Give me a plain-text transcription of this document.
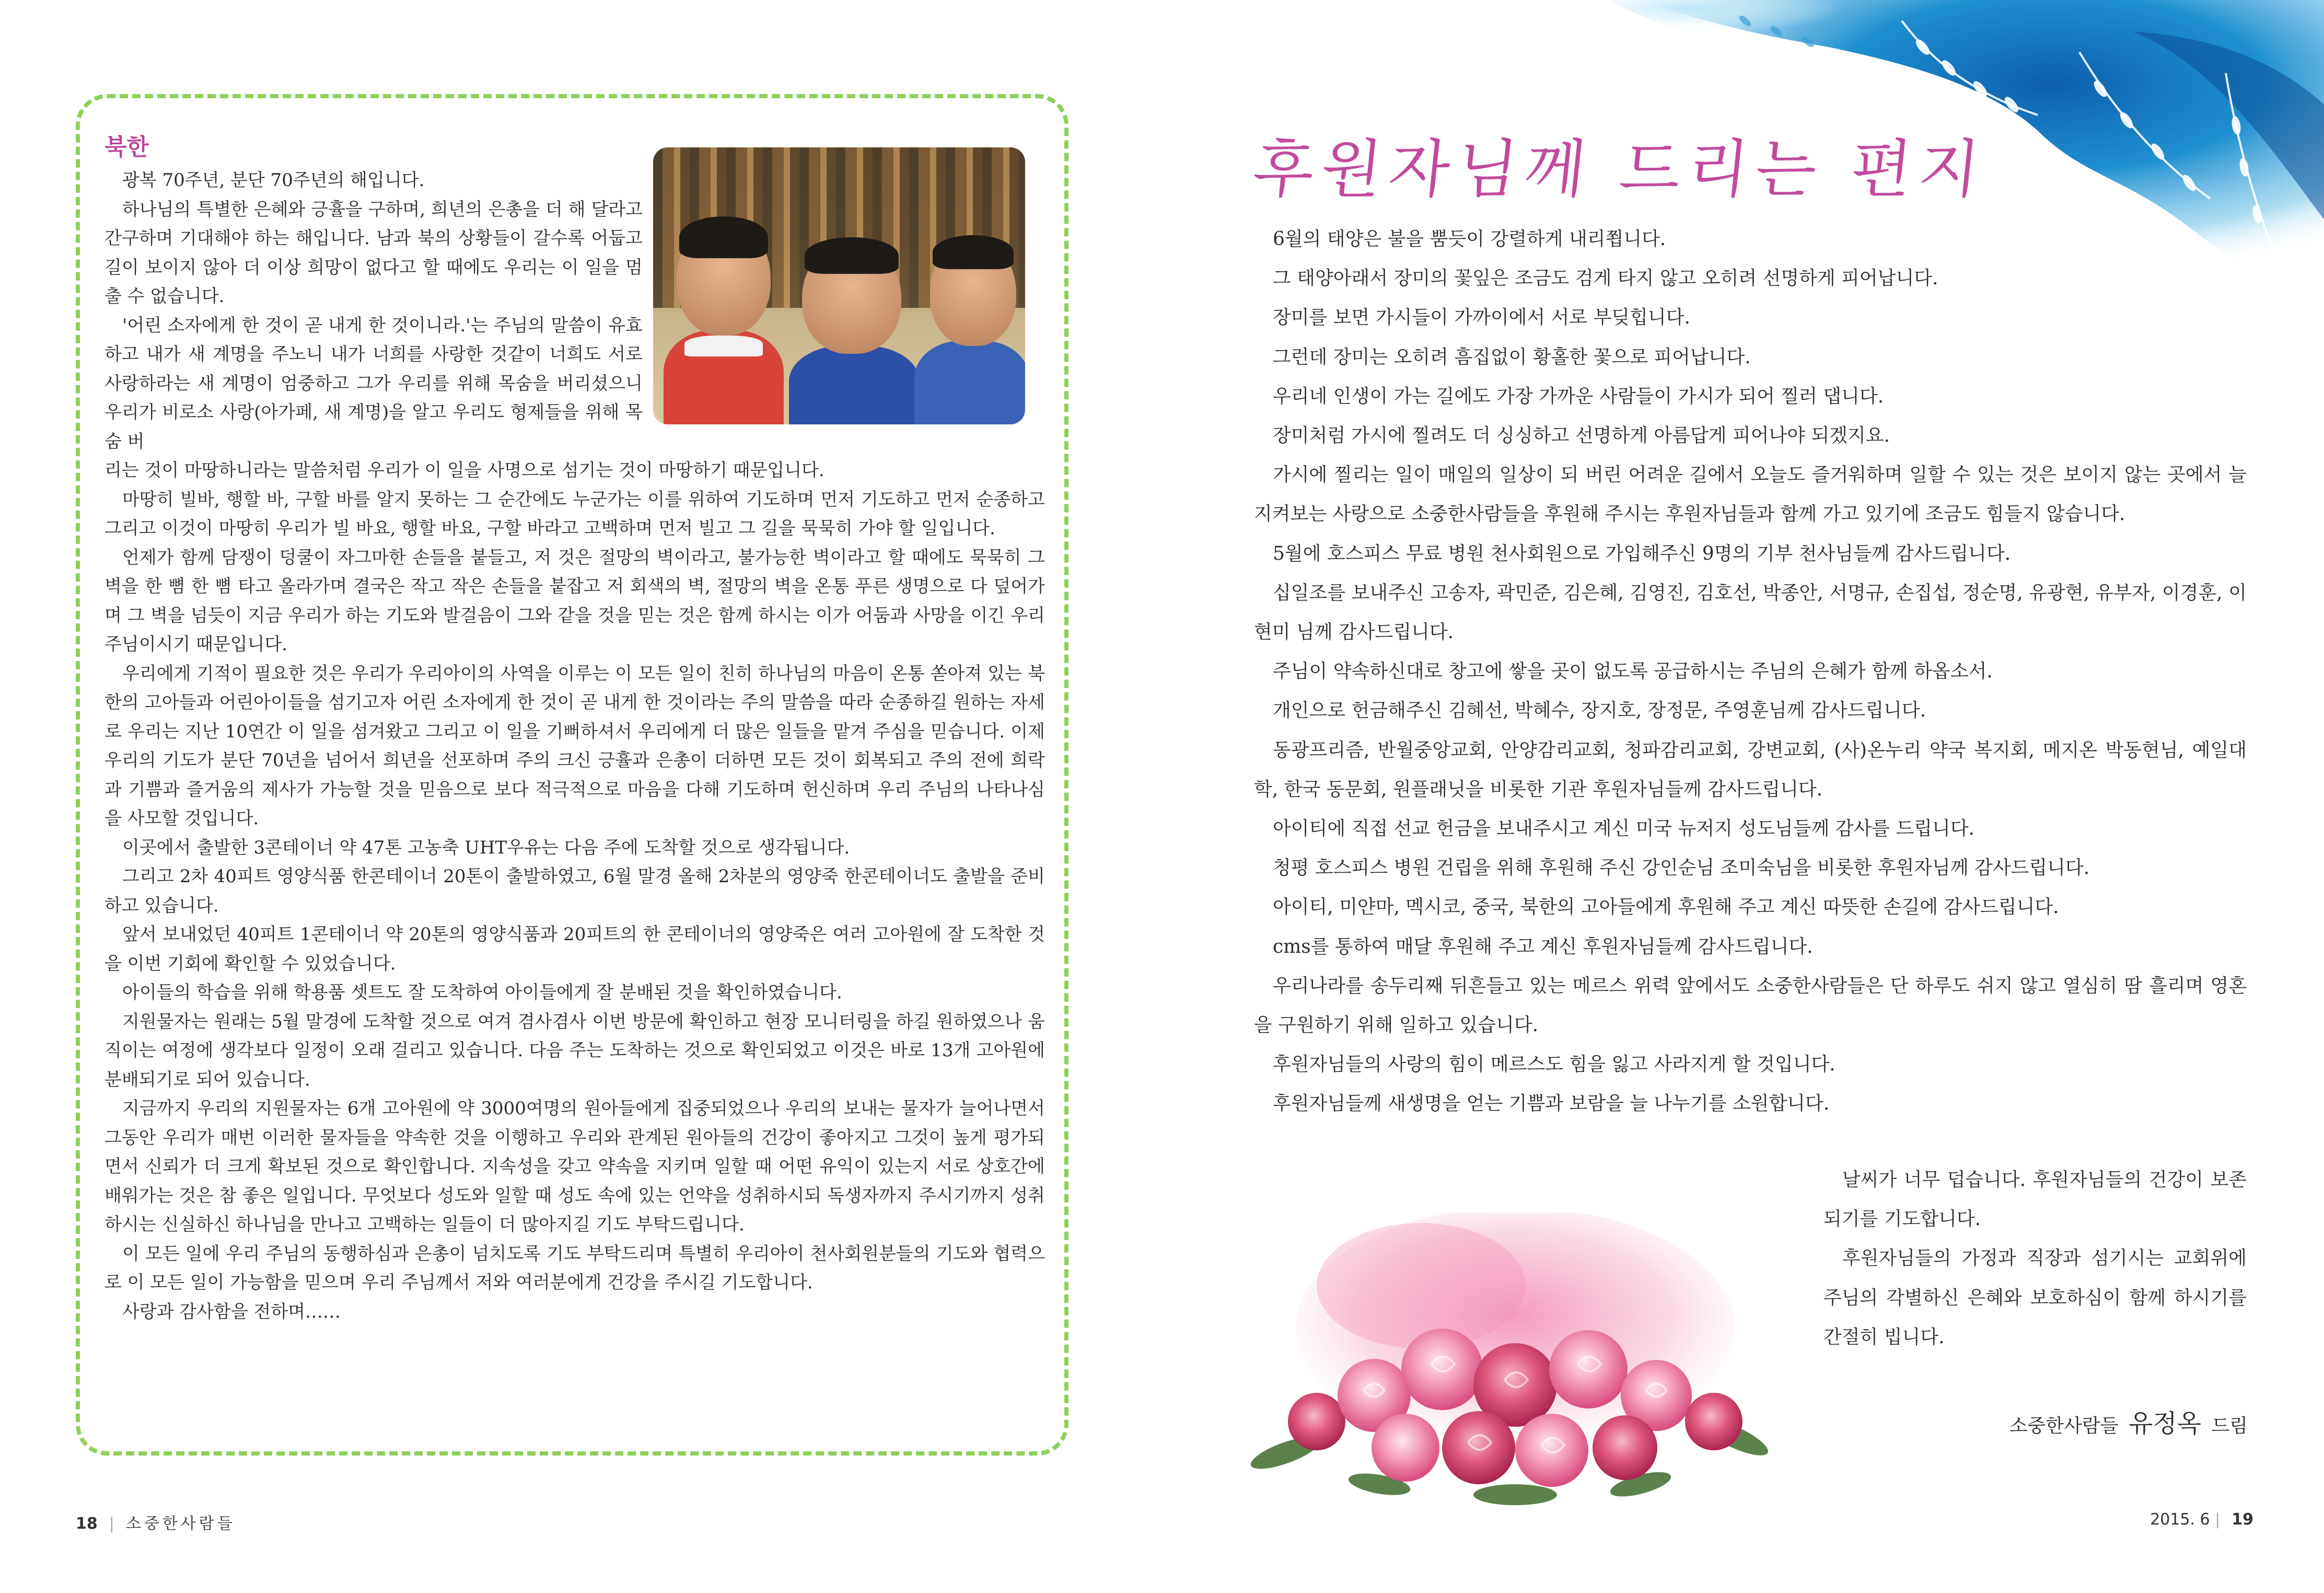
북한

광복 70주년, 분단 70주년의 해입니다.

하나님의 특별한 은혜와 긍휼을 구하며, 희년의 은총을 더 해 달라고 간구하며 기대해야 하는 해입니다. 남과 북의 상황들이 갈수록 어둡고 길이 보이지 않아 더 이상 희망이 없다고 할 때에도 우리는 이 일을 멈출 수 없습니다.

'어린 소자에게 한 것이 곧 내게 한 것이니라.'는 주님의 말씀이 유효하고 내가 새 계명을 주노니 내가 너희를 사랑한 것같이 너희도 서로 사랑하라는 새 계명이 엄중하고 그가 우리를 위해 목숨을 버리셨으니 우리가 비로소 사랑(아가페, 새 계명)을 알고 우리도 형제들을 위해 목숨 버

리는 것이 마땅하니라는 말씀처럼 우리가 이 일을 사명으로 섬기는 것이 마땅하기 때문입니다.

마땅히 빌바, 행할 바, 구할 바를 알지 못하는 그 순간에도 누군가는 이를 위하여 기도하며 먼저 기도하고 먼저 순종하고 그리고 이것이 마땅히 우리가 빌 바요, 행할 바요, 구할 바라고 고백하며 먼저 빌고 그 길을 묵묵히 가야 할 일입니다.

언제가 함께 담쟁이 덩쿨이 자그마한 손들을 붙들고, 저 것은 절망의 벽이라고, 불가능한 벽이라고 할 때에도 묵묵히 그 벽을 한 뼘 한 뼘 타고 올라가며 결국은 작고 작은 손들을 붙잡고 저 회색의 벽, 절망의 벽을 온통 푸른 생명으로 다 덮어가며 그 벽을 넘듯이 지금 우리가 하는 기도와 발걸음이 그와 같을 것을 믿는 것은 함께 하시는 이가 어둠과 사망을 이긴 우리 주님이시기 때문입니다.

우리에게 기적이 필요한 것은 우리가 우리아이의 사역을 이루는 이 모든 일이 친히 하나님의 마음이 온통 쏟아져 있는 북한의 고아들과 어린아이들을 섬기고자 어린 소자에게 한 것이 곧 내게 한 것이라는 주의 말씀을 따라 순종하길 원하는 자세로 우리는 지난 10연간 이 일을 섬겨왔고 그리고 이 일을 기뻐하셔서 우리에게 더 많은 일들을 맡겨 주심을 믿습니다. 이제 우리의 기도가 분단 70년을 넘어서 희년을 선포하며 주의 크신 긍휼과 은총이 더하면 모든 것이 회복되고 주의 전에 희락과 기쁨과 즐거움의 제사가 가능할 것을 믿음으로 보다 적극적으로 마음을 다해 기도하며 헌신하며 우리 주님의 나타나심을 사모할 것입니다.

이곳에서 출발한 3콘테이너 약 47톤 고농축 UHT우유는 다음 주에 도착할 것으로 생각됩니다.

그리고 2차 40피트 영양식품 한콘테이너 20톤이 출발하였고, 6월 말경 올해 2차분의 영양죽 한콘테이너도 출발을 준비하고 있습니다.

앞서 보내었던 40피트 1콘테이너 약 20톤의 영양식품과 20피트의 한 콘테이너의 영양죽은 여러 고아원에 잘 도착한 것을 이번 기회에 확인할 수 있었습니다.

아이들의 학습을 위해 학용품 셋트도 잘 도착하여 아이들에게 잘 분배된 것을 확인하였습니다.

지원물자는 원래는 5월 말경에 도착할 것으로 여겨 겸사겸사 이번 방문에 확인하고 현장 모니터링을 하길 원하였으나 움직이는 여정에 생각보다 일정이 오래 걸리고 있습니다. 다음 주는 도착하는 것으로 확인되었고 이것은 바로 13개 고아원에 분배되기로 되어 있습니다.

지금까지 우리의 지원물자는 6개 고아원에 약 3000여명의 원아들에게 집중되었으나 우리의 보내는 물자가 늘어나면서 그동안 우리가 매번 이러한 물자들을 약속한 것을 이행하고 우리와 관계된 원아들의 건강이 좋아지고 그것이 높게 평가되면서 신뢰가 더 크게 확보된 것으로 확인합니다. 지속성을 갖고 약속을 지키며 일할 때 어떤 유익이 있는지 서로 상호간에 배워가는 것은 참 좋은 일입니다. 무엇보다 성도와 일할 때 성도 속에 있는 언약을 성취하시되 독생자까지 주시기까지 성취하시는 신실하신 하나님을 만나고 고백하는 일들이 더 많아지길 기도 부탁드립니다.

이 모든 일에 우리 주님의 동행하심과 은총이 넘치도록 기도 부탁드리며 특별히 우리아이 천사회원분들의 기도와 협력으로 이 모든 일이 가능함을 믿으며 우리 주님께서 저와 여러분에게 건강을 주시길 기도합니다.

사랑과 감사함을 전하며……

18 | 소중한사람들
후원자님께 드리는 편지

6월의 태양은 불을 뿜듯이 강렬하게 내리쬡니다.

그 태양아래서 장미의 꽃잎은 조금도 검게 타지 않고 오히려 선명하게 피어납니다.

장미를 보면 가시들이 가까이에서 서로 부딪힙니다.

그런데 장미는 오히려 흠집없이 황홀한 꽃으로 피어납니다.

우리네 인생이 가는 길에도 가장 가까운 사람들이 가시가 되어 찔러 댑니다.

장미처럼 가시에 찔려도 더 싱싱하고 선명하게 아름답게 피어나야 되겠지요.

가시에 찔리는 일이 매일의 일상이 되 버린 어려운 길에서 오늘도 즐거워하며 일할 수 있는 것은 보이지 않는 곳에서 늘 지켜보는 사랑으로 소중한사람들을 후원해 주시는 후원자님들과 함께 가고 있기에 조금도 힘들지 않습니다.

5월에 호스피스 무료 병원 천사회원으로 가입해주신 9명의 기부 천사님들께 감사드립니다.

십일조를 보내주신 고송자, 곽민준, 김은혜, 김영진, 김호선, 박종안, 서명규, 손집섭, 정순명, 유광현, 유부자, 이경훈, 이현미 님께 감사드립니다.

주님이 약속하신대로 창고에 쌓을 곳이 없도록 공급하시는 주님의 은혜가 함께 하옵소서.

개인으로 헌금해주신 김혜선, 박혜수, 장지호, 장정문, 주영훈님께 감사드립니다.

동광프리즘, 반월중앙교회, 안양감리교회, 청파감리교회, 강변교회, (사)온누리 약국 복지회, 메지온 박동현님, 예일대학, 한국 동문회, 원플래닛을 비롯한 기관 후원자님들께 감사드립니다.

아이티에 직접 선교 헌금을 보내주시고 계신 미국 뉴저지 성도님들께 감사를 드립니다.

청평 호스피스 병원 건립을 위해 후원해 주신 강인순님 조미숙님을 비롯한 후원자님께 감사드립니다.

아이티, 미얀마, 멕시코, 중국, 북한의 고아들에게 후원해 주고 계신 따뜻한 손길에 감사드립니다.

cms를 통하여 매달 후원해 주고 계신 후원자님들께 감사드립니다.

우리나라를 송두리째 뒤흔들고 있는 메르스 위력 앞에서도 소중한사람들은 단 하루도 쉬지 않고 열심히 땀 흘리며 영혼을 구원하기 위해 일하고 있습니다.

후원자님들의 사랑의 힘이 메르스도 힘을 잃고 사라지게 할 것입니다.

후원자님들께 새생명을 얻는 기쁨과 보람을 늘 나누기를 소원합니다.

날씨가 너무 덥습니다. 후원자님들의 건강이 보존되기를 기도합니다.

후원자님들의 가정과 직장과 섬기시는 교회위에 주님의 각별하신 은혜와 보호하심이 함께 하시기를 간절히 빕니다.

소중한사람들 유정옥 드림
2015. 6 | 19
